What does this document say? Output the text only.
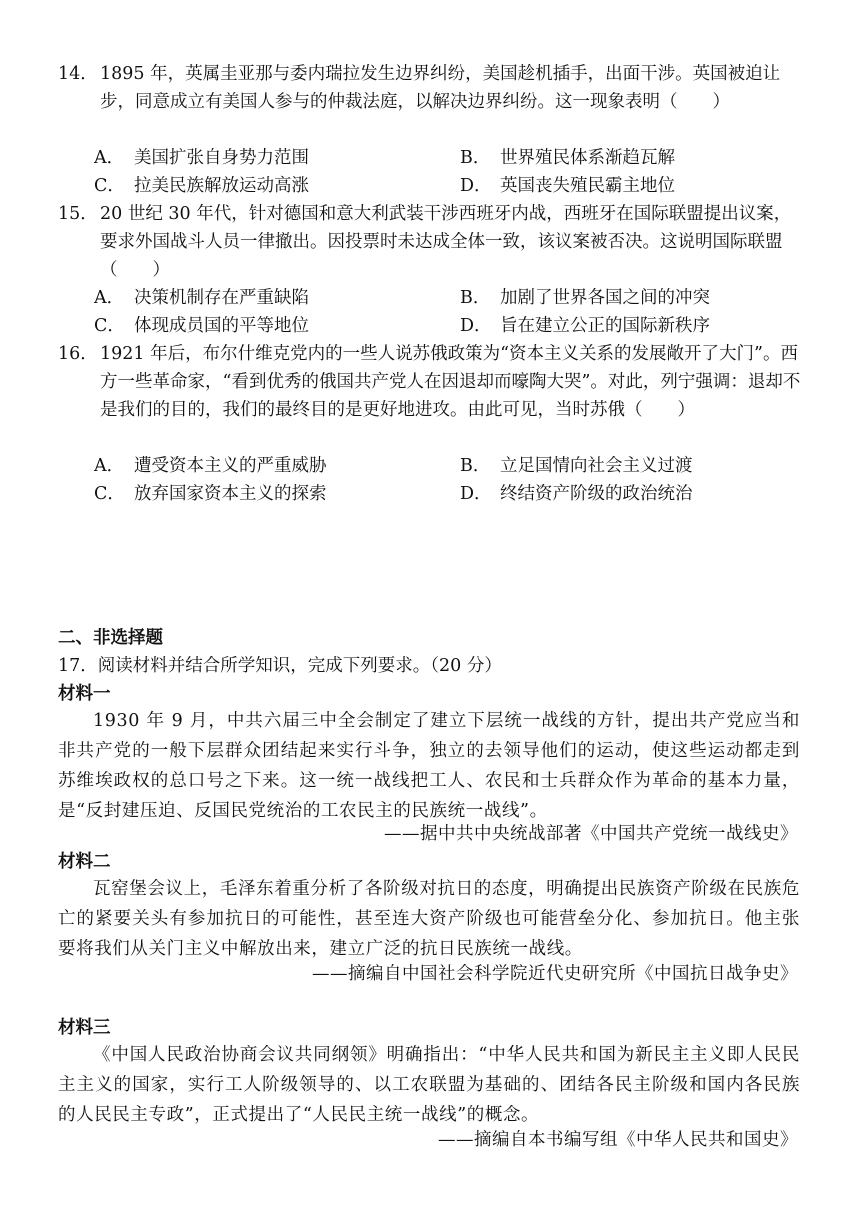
14． 1895 年，英属圭亚那与委内瑞拉发生边界纠纷，美国趁机插手，出面干涉。英国被迫让步，同意成立有美国人参与的仲裁法庭，以解决边界纠纷。这一现象表明（　　）
A． 美国扩张自身势力范围	B． 世界殖民体系渐趋瓦解
C． 拉美民族解放运动高涨	D． 英国丧失殖民霸主地位
15． 20 世纪 30 年代，针对德国和意大利武装干涉西班牙内战，西班牙在国际联盟提出议案，要求外国战斗人员一律撤出。因投票时未达成全体一致，该议案被否决。这说明国际联盟（　　）
A． 决策机制存在严重缺陷	B． 加剧了世界各国之间的冲突
C． 体现成员国的平等地位	D． 旨在建立公正的国际新秩序
16． 1921 年后，布尔什维克党内的一些人说苏俄政策为“资本主义关系的发展敞开了大门”。西方一些革命家，“看到优秀的俄国共产党人在因退却而嚎陶大哭”。对此，列宁强调：退却不是我们的目的，我们的最终目的是更好地进攻。由此可见，当时苏俄（　　）
A． 遭受资本主义的严重威胁	B． 立足国情向社会主义过渡
C． 放弃国家资本主义的探索	D． 终结资产阶级的政治统治
二、非选择题
17．阅读材料并结合所学知识，完成下列要求。（20 分）
材料一
1930 年 9 月，中共六届三中全会制定了建立下层统一战线的方针，提出共产党应当和非共产党的一般下层群众团结起来实行斗争，独立的去领导他们的运动，使这些运动都走到苏维埃政权的总口号之下来。这一统一战线把工人、农民和士兵群众作为革命的基本力量，是“反封建压迫、反国民党统治的工农民主的民族统一战线”。
——据中共中央统战部著《中国共产党统一战线史》
材料二
瓦窑堡会议上，毛泽东着重分析了各阶级对抗日的态度，明确提出民族资产阶级在民族危亡的紧要关头有参加抗日的可能性，甚至连大资产阶级也可能营垒分化、参加抗日。他主张要将我们从关门主义中解放出来，建立广泛的抗日民族统一战线。
——摘编自中国社会科学院近代史研究所《中国抗日战争史》
材料三
《中国人民政治协商会议共同纲领》明确指出：“中华人民共和国为新民主主义即人民民主主义的国家，实行工人阶级领导的、以工农联盟为基础的、团结各民主阶级和国内各民族的人民民主专政”，正式提出了“人民民主统一战线”的概念。
——摘编自本书编写组《中华人民共和国史》
